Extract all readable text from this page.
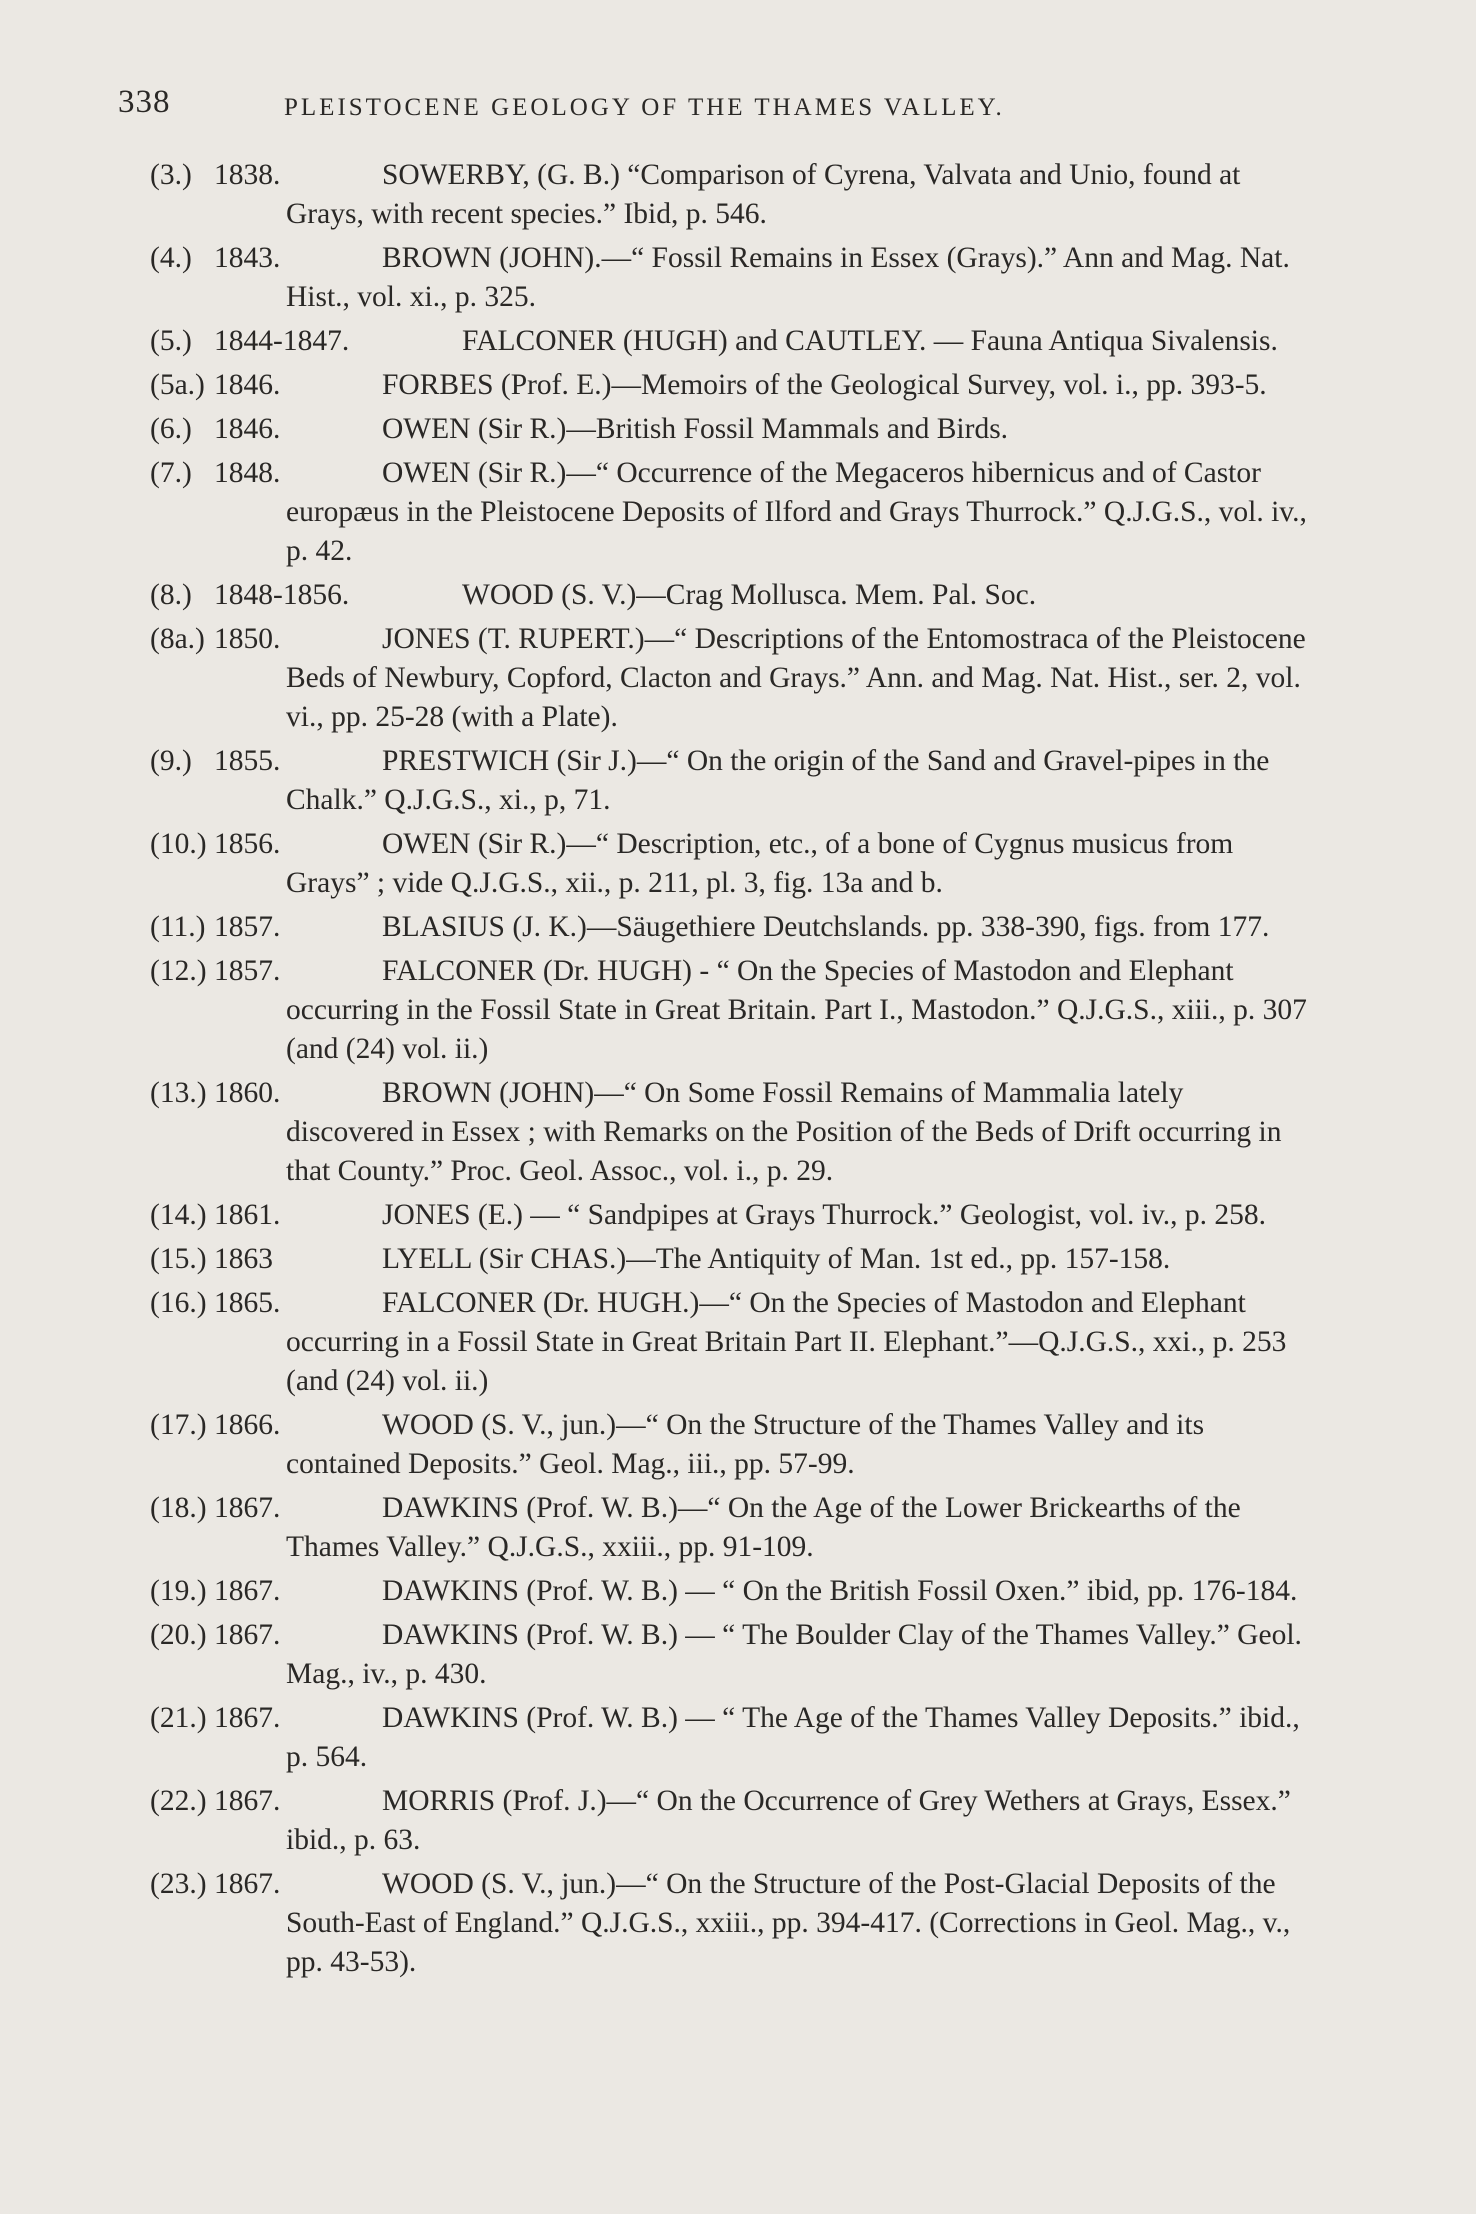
338	PLEISTOCENE GEOLOGY OF THE THAMES VALLEY.
(3.) 1838.	SOWERBY, (G. B.) “Comparison of Cyrena, Valvata and Unio, found at Grays, with recent species.” Ibid, p. 546.
(4.) 1843.	BROWN (JOHN).—“ Fossil Remains in Essex (Grays).” Ann and Mag. Nat. Hist., vol. xi., p. 325.
(5.) 1844-1847.	FALCONER (HUGH) and CAUTLEY. — Fauna Antiqua Sivalensis.
(5a.) 1846.	FORBES (Prof. E.)—Memoirs of the Geological Survey, vol. i., pp. 393-5.
(6.) 1846.	OWEN (Sir R.)—British Fossil Mammals and Birds.
(7.) 1848.	OWEN (Sir R.)—“ Occurrence of the Megaceros hibernicus and of Castor europæus in the Pleistocene Deposits of Ilford and Grays Thurrock.” Q.J.G.S., vol. iv., p. 42.
(8.) 1848-1856.	WOOD (S. V.)—Crag Mollusca. Mem. Pal. Soc.
(8a.) 1850.	JONES (T. RUPERT.)—“ Descriptions of the Entomostraca of the Pleistocene Beds of Newbury, Copford, Clacton and Grays.” Ann. and Mag. Nat. Hist., ser. 2, vol. vi., pp. 25-28 (with a Plate).
(9.) 1855.	PRESTWICH (Sir J.)—“ On the origin of the Sand and Gravel-pipes in the Chalk.” Q.J.G.S., xi., p, 71.
(10.) 1856.	OWEN (Sir R.)—“ Description, etc., of a bone of Cygnus musicus from Grays” ; vide Q.J.G.S., xii., p. 211, pl. 3, fig. 13a and b.
(11.) 1857.	BLASIUS (J. K.)—Säugethiere Deutchslands. pp. 338-390, figs. from 177.
(12.) 1857.	FALCONER (Dr. HUGH) - “ On the Species of Mastodon and Elephant occurring in the Fossil State in Great Britain. Part I., Mastodon.” Q.J.G.S., xiii., p. 307 (and (24) vol. ii.)
(13.) 1860.	BROWN (JOHN)—“ On Some Fossil Remains of Mammalia lately discovered in Essex ; with Remarks on the Position of the Beds of Drift occurring in that County.” Proc. Geol. Assoc., vol. i., p. 29.
(14.) 1861.	JONES (E.) — “ Sandpipes at Grays Thurrock.” Geologist, vol. iv., p. 258.
(15.) 1863	LYELL (Sir CHAS.)—The Antiquity of Man. 1st ed., pp. 157-158.
(16.) 1865.	FALCONER (Dr. HUGH.)—“ On the Species of Mastodon and Elephant occurring in a Fossil State in Great Britain Part II. Elephant.”—Q.J.G.S., xxi., p. 253 (and (24) vol. ii.)
(17.) 1866.	WOOD (S. V., jun.)—“ On the Structure of the Thames Valley and its contained Deposits.” Geol. Mag., iii., pp. 57-99.
(18.) 1867.	DAWKINS (Prof. W. B.)—“ On the Age of the Lower Brickearths of the Thames Valley.” Q.J.G.S., xxiii., pp. 91-109.
(19.) 1867.	DAWKINS (Prof. W. B.) — “ On the British Fossil Oxen.” ibid, pp. 176-184.
(20.) 1867.	DAWKINS (Prof. W. B.) — “ The Boulder Clay of the Thames Valley.” Geol. Mag., iv., p. 430.
(21.) 1867.	DAWKINS (Prof. W. B.) — “ The Age of the Thames Valley Deposits.” ibid., p. 564.
(22.) 1867.	MORRIS (Prof. J.)—“ On the Occurrence of Grey Wethers at Grays, Essex.” ibid., p. 63.
(23.) 1867.	WOOD (S. V., jun.)—“ On the Structure of the Post-Glacial Deposits of the South-East of England.” Q.J.G.S., xxiii., pp. 394-417. (Corrections in Geol. Mag., v., pp. 43-53).
